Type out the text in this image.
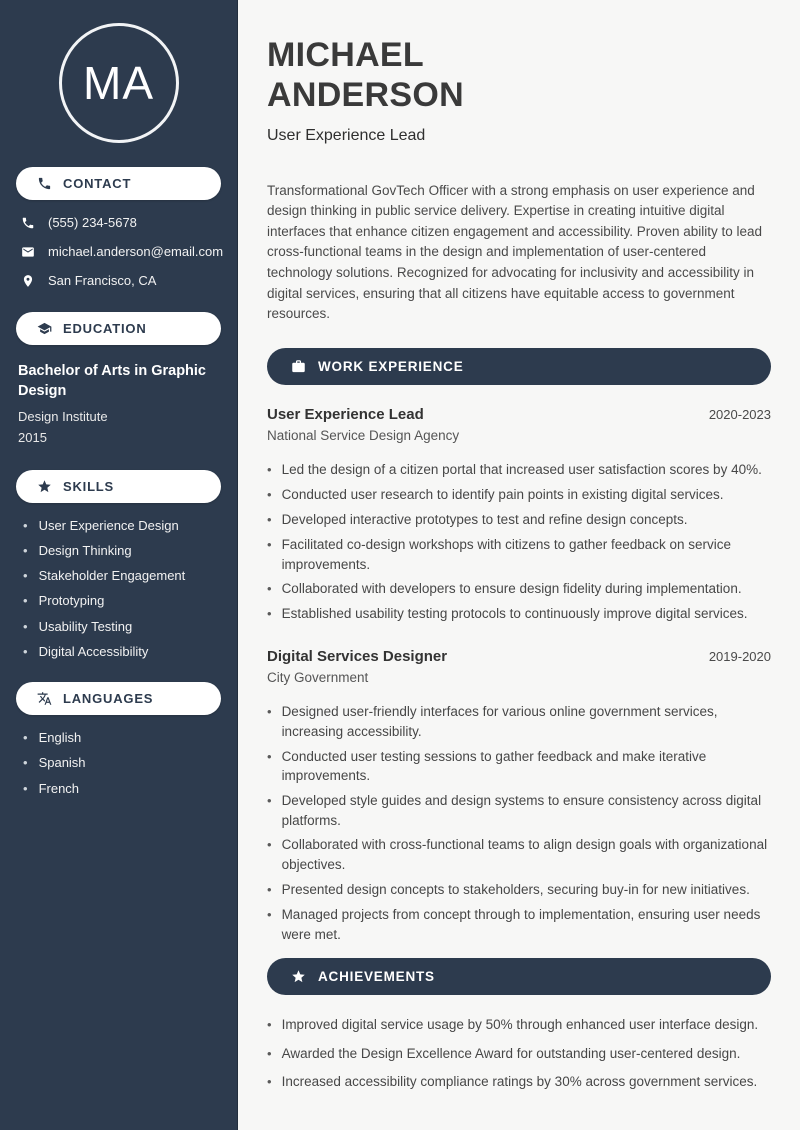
MA
CONTACT
(555) 234-5678
michael.anderson@email.com
San Francisco, CA
EDUCATION
Bachelor of Arts in Graphic Design
Design Institute
2015
SKILLS
• User Experience Design
• Design Thinking
• Stakeholder Engagement
• Prototyping
• Usability Testing
• Digital Accessibility
LANGUAGES
• English
• Spanish
• French
MICHAEL
ANDERSON
User Experience Lead

Transformational GovTech Officer with a strong emphasis on user experience and design thinking in public service delivery. Expertise in creating intuitive digital interfaces that enhance citizen engagement and accessibility. Proven ability to lead cross-functional teams in the design and implementation of user-centered technology solutions. Recognized for advocating for inclusivity and accessibility in digital services, ensuring that all citizens have equitable access to government resources.

WORK EXPERIENCE
User Experience Lead	2020-2023
National Service Design Agency
• Led the design of a citizen portal that increased user satisfaction scores by 40%.
• Conducted user research to identify pain points in existing digital services.
• Developed interactive prototypes to test and refine design concepts.
• Facilitated co-design workshops with citizens to gather feedback on service improvements.
• Collaborated with developers to ensure design fidelity during implementation.
• Established usability testing protocols to continuously improve digital services.
Digital Services Designer	2019-2020
City Government
• Designed user-friendly interfaces for various online government services, increasing accessibility.
• Conducted user testing sessions to gather feedback and make iterative improvements.
• Developed style guides and design systems to ensure consistency across digital platforms.
• Collaborated with cross-functional teams to align design goals with organizational objectives.
• Presented design concepts to stakeholders, securing buy-in for new initiatives.
• Managed projects from concept through to implementation, ensuring user needs were met.
ACHIEVEMENTS
• Improved digital service usage by 50% through enhanced user interface design.
• Awarded the Design Excellence Award for outstanding user-centered design.
• Increased accessibility compliance ratings by 30% across government services.
